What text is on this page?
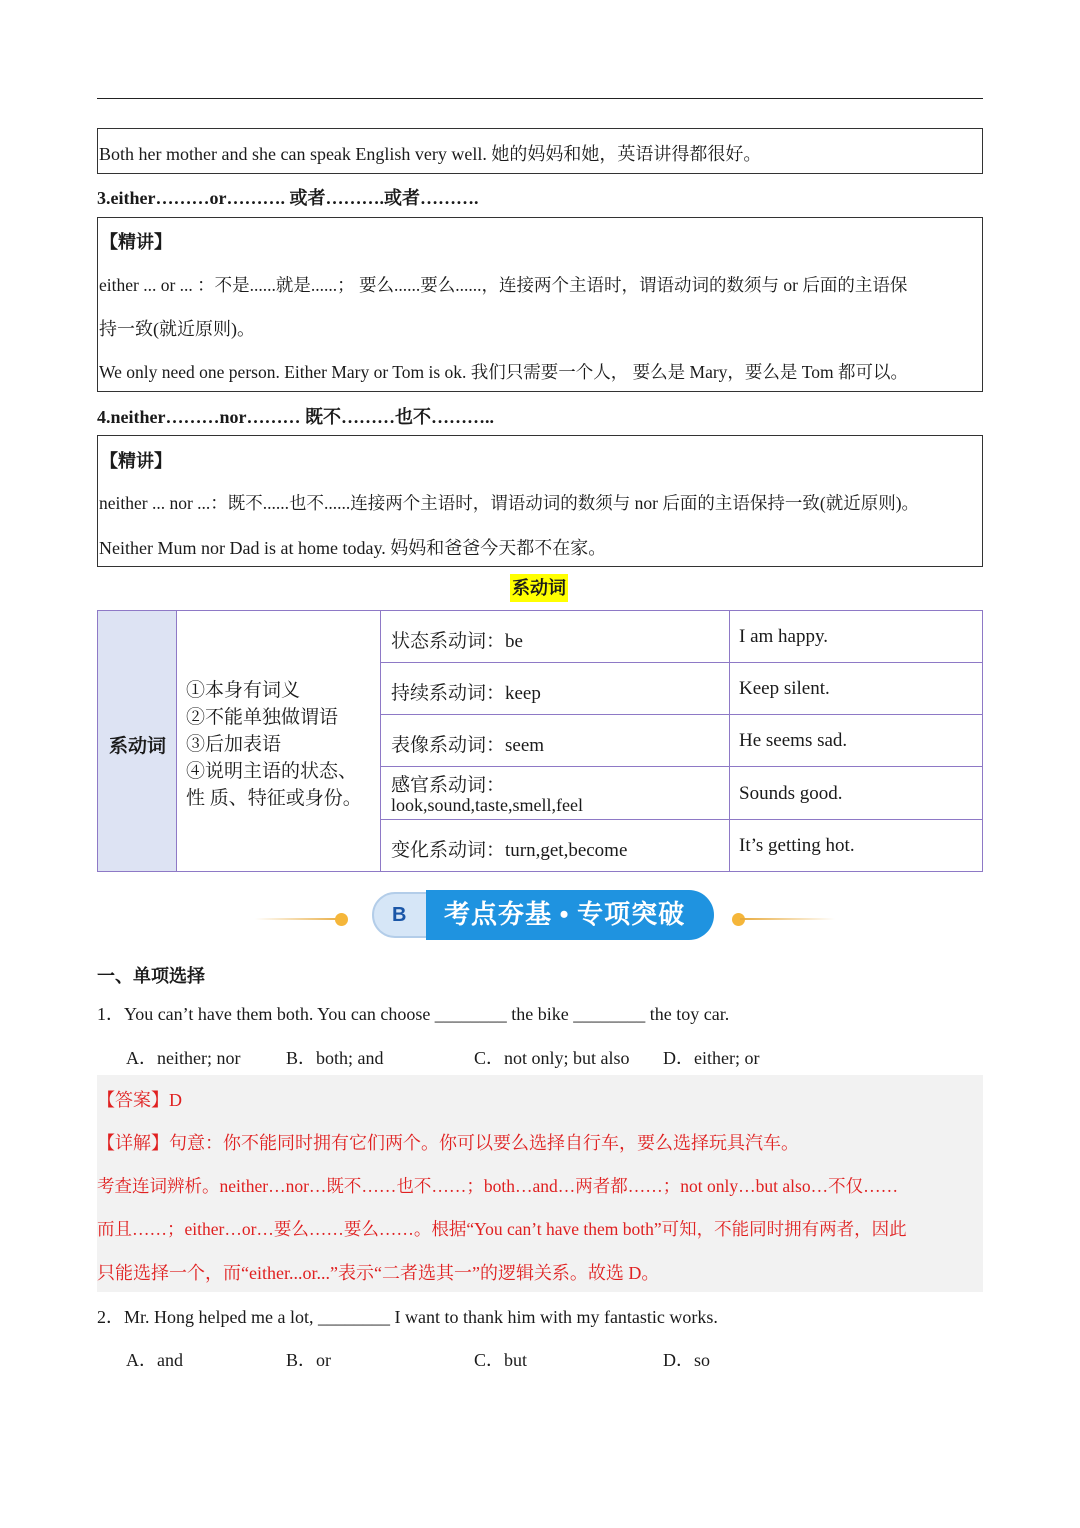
Both her mother and she can speak English very well. 她的妈妈和她，英语讲得都很好。
3.either………or………. 或者……….或者……….
【精讲】
either ... or ... ：不是......就是......； 要么......要么......，连接两个主语时，谓语动词的数须与 or 后面的主语保
持一致(就近原则)。
We only need one person. Either Mary or Tom is ok. 我们只需要一个人， 要么是 Mary，要么是 Tom 都可以。
4.neither………nor……… 既不………也不………..
【精讲】
neither ... nor ...：既不......也不......连接两个主语时，谓语动词的数须与 nor 后面的主语保持一致(就近原则)。
Neither Mum nor Dad is at home today. 妈妈和爸爸今天都不在家。
系动词
系动词
①本身有词义
②不能单独做谓语
③后加表语
④说明主语的状态、
性 质、特征或身份。
状态系动词：be	I am happy.
持续系动词：keep	Keep silent.
表像系动词：seem	He seems sad.
感官系动词：
look,sound,taste,smell,feel
Sounds good.
变化系动词：turn,get,become	It’s getting hot.
B	考点夯基 • 专项突破
一、单项选择
1．You can’t have them both. You can choose ________ the bike ________ the toy car.
A．neither; nor	B．both; and	C．not only; but also D．either; or
【答案】D
【详解】句意：你不能同时拥有它们两个。你可以要么选择自行车，要么选择玩具汽车。
考查连词辨析。neither…nor…既不……也不……；both…and…两者都……；not only…but also…不仅……
而且……；either…or…要么……要么……。根据“You can’t have them both”可知，不能同时拥有两者，因此
只能选择一个，而“either...or...”表示“二者选其一”的逻辑关系。故选 D。
2．Mr. Hong helped me a lot, ________ I want to thank him with my fantastic works.
A．and	B．or	C．but	D．so
